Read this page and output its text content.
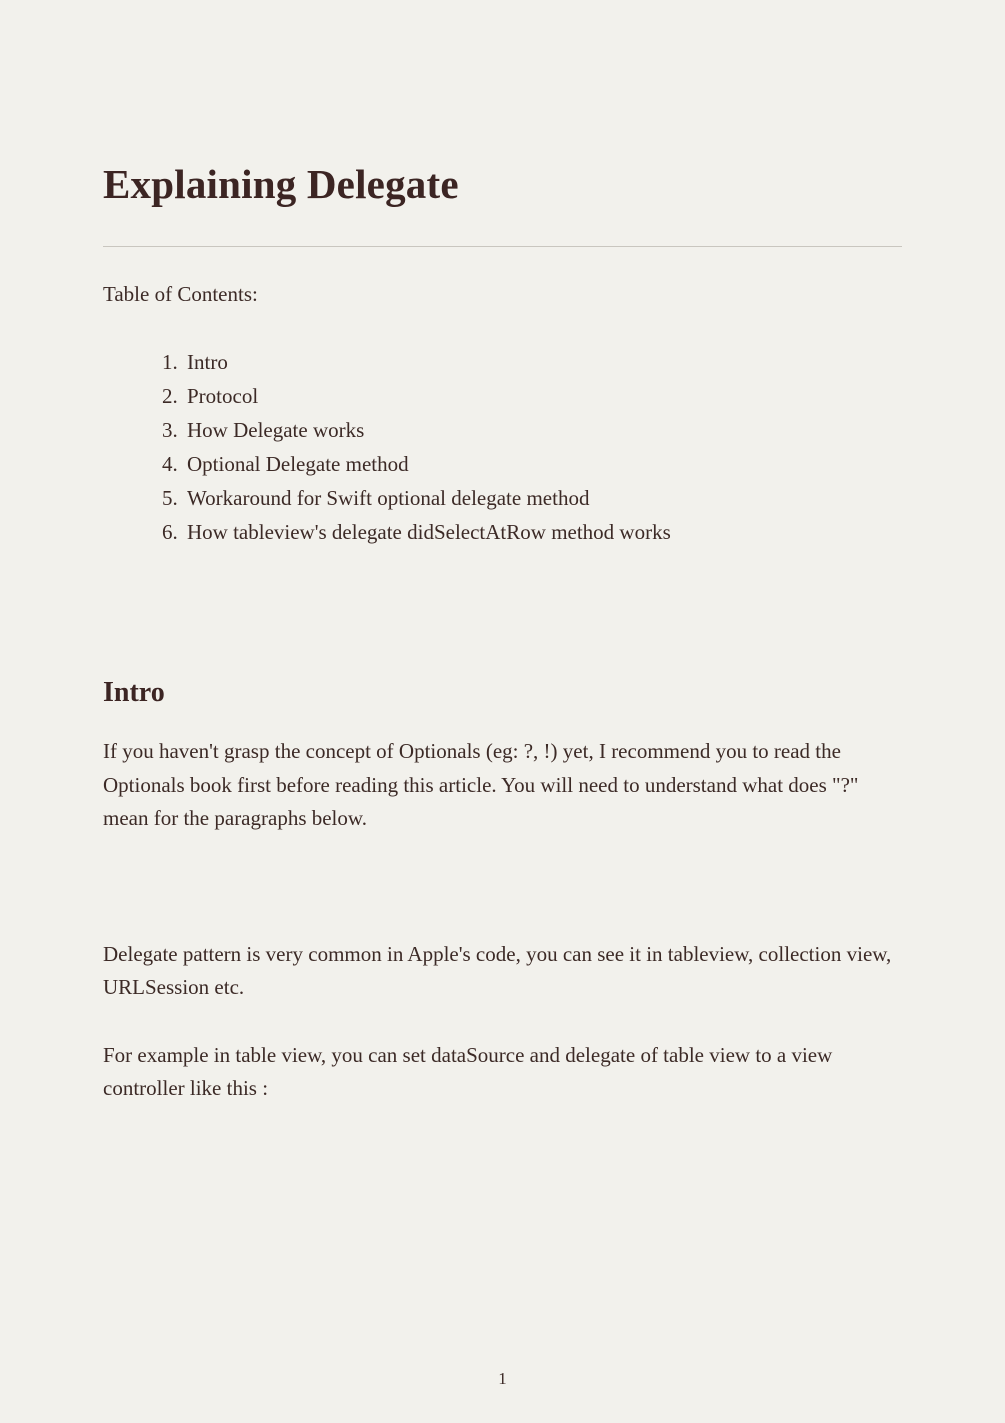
Explaining Delegate

Table of Contents:

1. Intro
2. Protocol
3. How Delegate works
4. Optional Delegate method
5. Workaround for Swift optional delegate method
6. How tableview's delegate didSelectAtRow method works
Intro

If you haven't grasp the concept of Optionals (eg: ?, !) yet, I recommend you to read the Optionals book first before reading this article. You will need to understand what does "?" mean for the paragraphs below.

Delegate pattern is very common in Apple's code, you can see it in tableview, collection view, URLSession etc.

For example in table view, you can set dataSource and delegate of table view to a view controller like this :

1
